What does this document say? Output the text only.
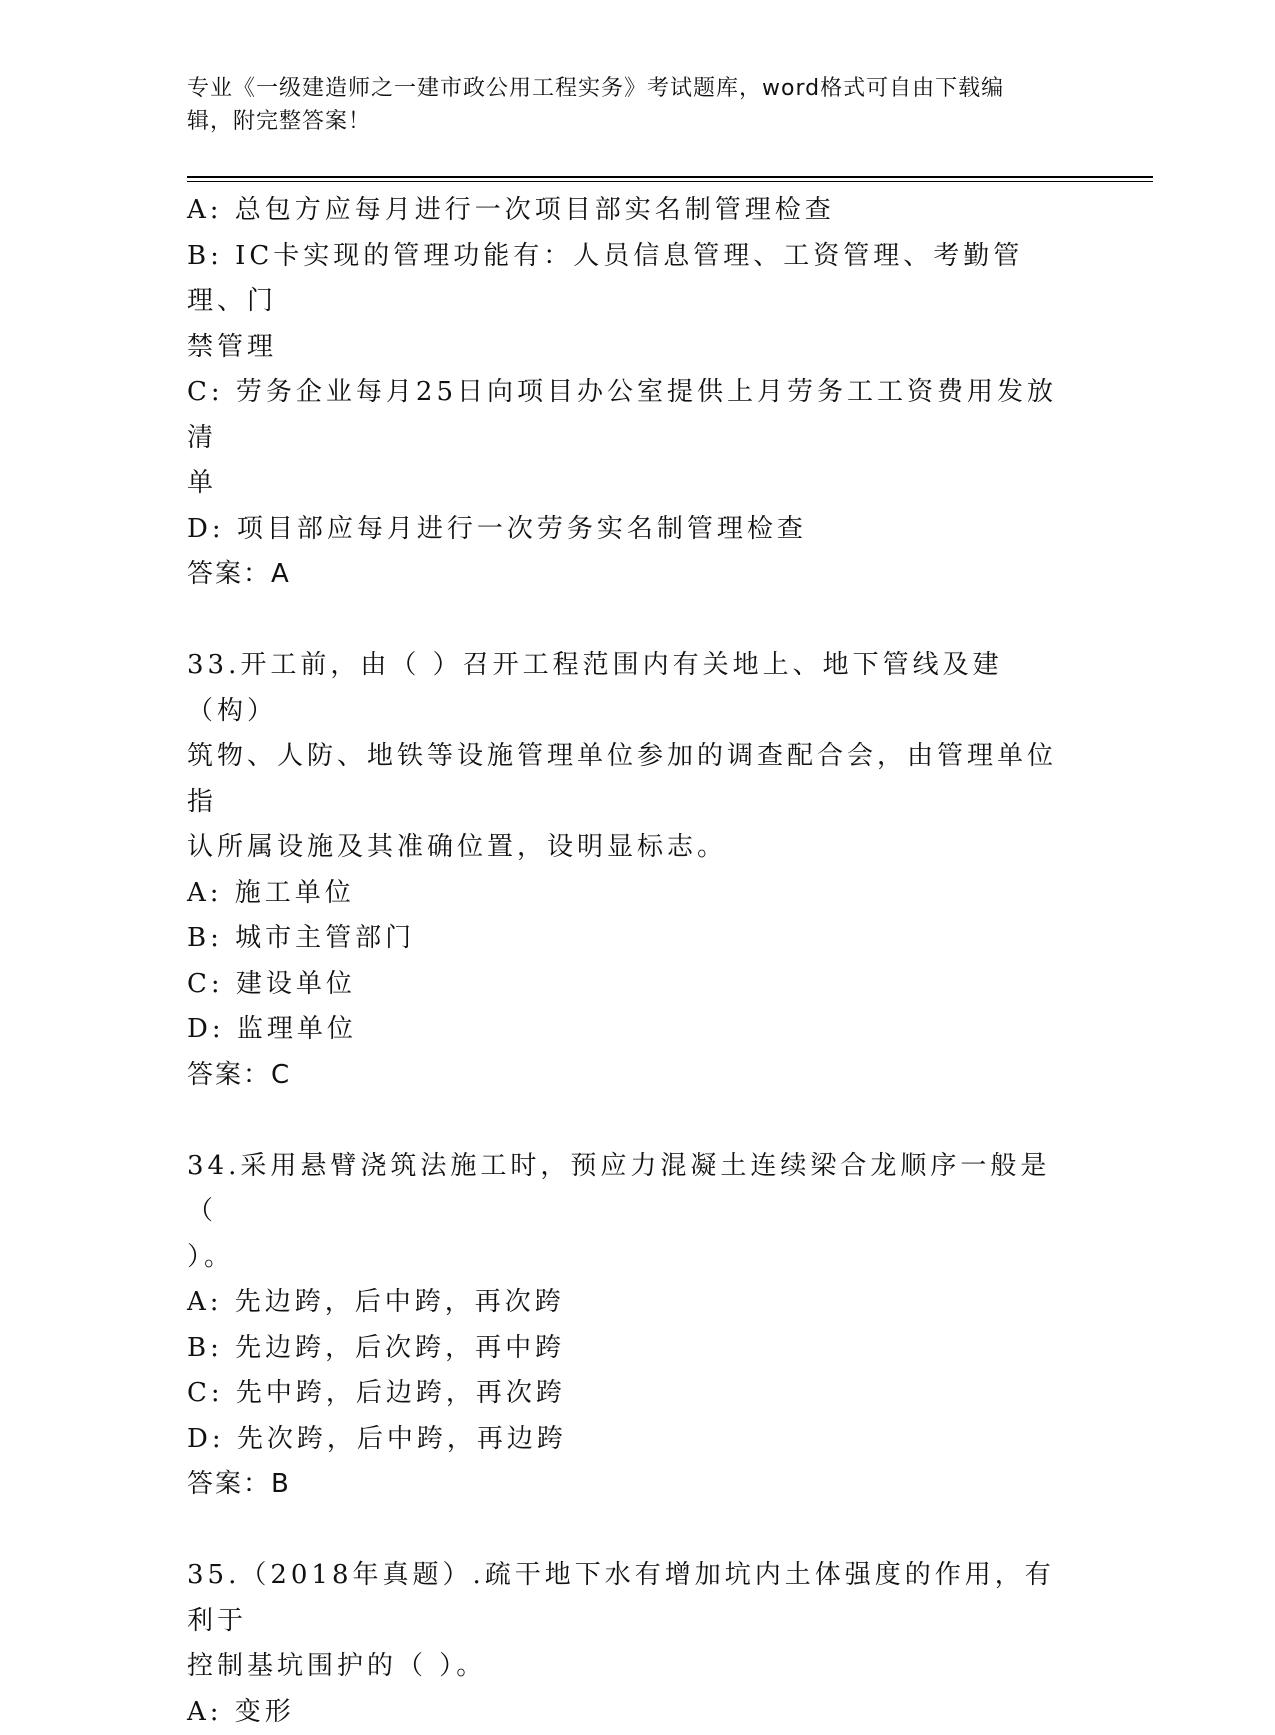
专业《一级建造师之一建市政公用工程实务》考试题库，word格式可自由下载编
辑，附完整答案！
A: 总包方应每月进行一次项目部实名制管理检查
B: IC卡实现的管理功能有：人员信息管理、工资管理、考勤管理、门
禁管理
C: 劳务企业每月25日向项目办公室提供上月劳务工工资费用发放清
单
D: 项目部应每月进行一次劳务实名制管理检查
答案：A
33.开工前，由（ ）召开工程范围内有关地上、地下管线及建（构）
筑物、人防、地铁等设施管理单位参加的调查配合会，由管理单位指
认所属设施及其准确位置，设明显标志。
A: 施工单位
B: 城市主管部门
C: 建设单位
D: 监理单位
答案：C
34.采用悬臂浇筑法施工时，预应力混凝土连续梁合龙顺序一般是（
）。
A: 先边跨，后中跨，再次跨
B: 先边跨，后次跨，再中跨
C: 先中跨，后边跨，再次跨
D: 先次跨，后中跨，再边跨
答案：B
35.（2018年真题）.疏干地下水有增加坑内土体强度的作用，有利于
控制基坑围护的（ ）。
A: 变形
